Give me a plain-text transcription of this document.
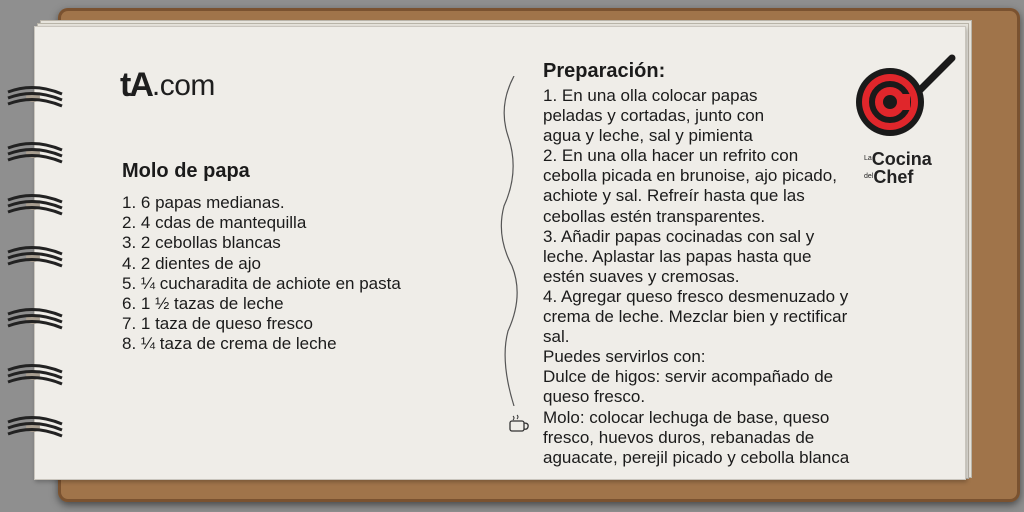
tA .com
Molo de papa
1. 6 papas medianas.
2. 4 cdas de mantequilla
3. 2 cebollas blancas
4. 2 dientes de ajo
5. ¼ cucharadita de achiote en pasta
6. 1 ½ tazas de leche
7. 1 taza de queso fresco
8. ¼ taza de crema de leche
Preparación:
1. En una olla colocar papas
peladas y cortadas, junto con
agua y leche, sal y pimienta
2. En una olla hacer un refrito con
cebolla picada en brunoise, ajo picado,
achiote y sal. Refreír hasta que las
cebollas estén transparentes.
3. Añadir papas cocinadas con sal y
leche. Aplastar las papas hasta que
estén suaves y cremosas.
4. Agregar queso fresco desmenuzado y
crema de leche. Mezclar bien y rectificar
sal.
Puedes servirlos con:
Dulce de higos: servir acompañado de
queso fresco.
Molo: colocar lechuga de base, queso
fresco, huevos duros, rebanadas de
aguacate, perejil picado y cebolla blanca
$^{La}$Cocina
$^{del}$Chef
